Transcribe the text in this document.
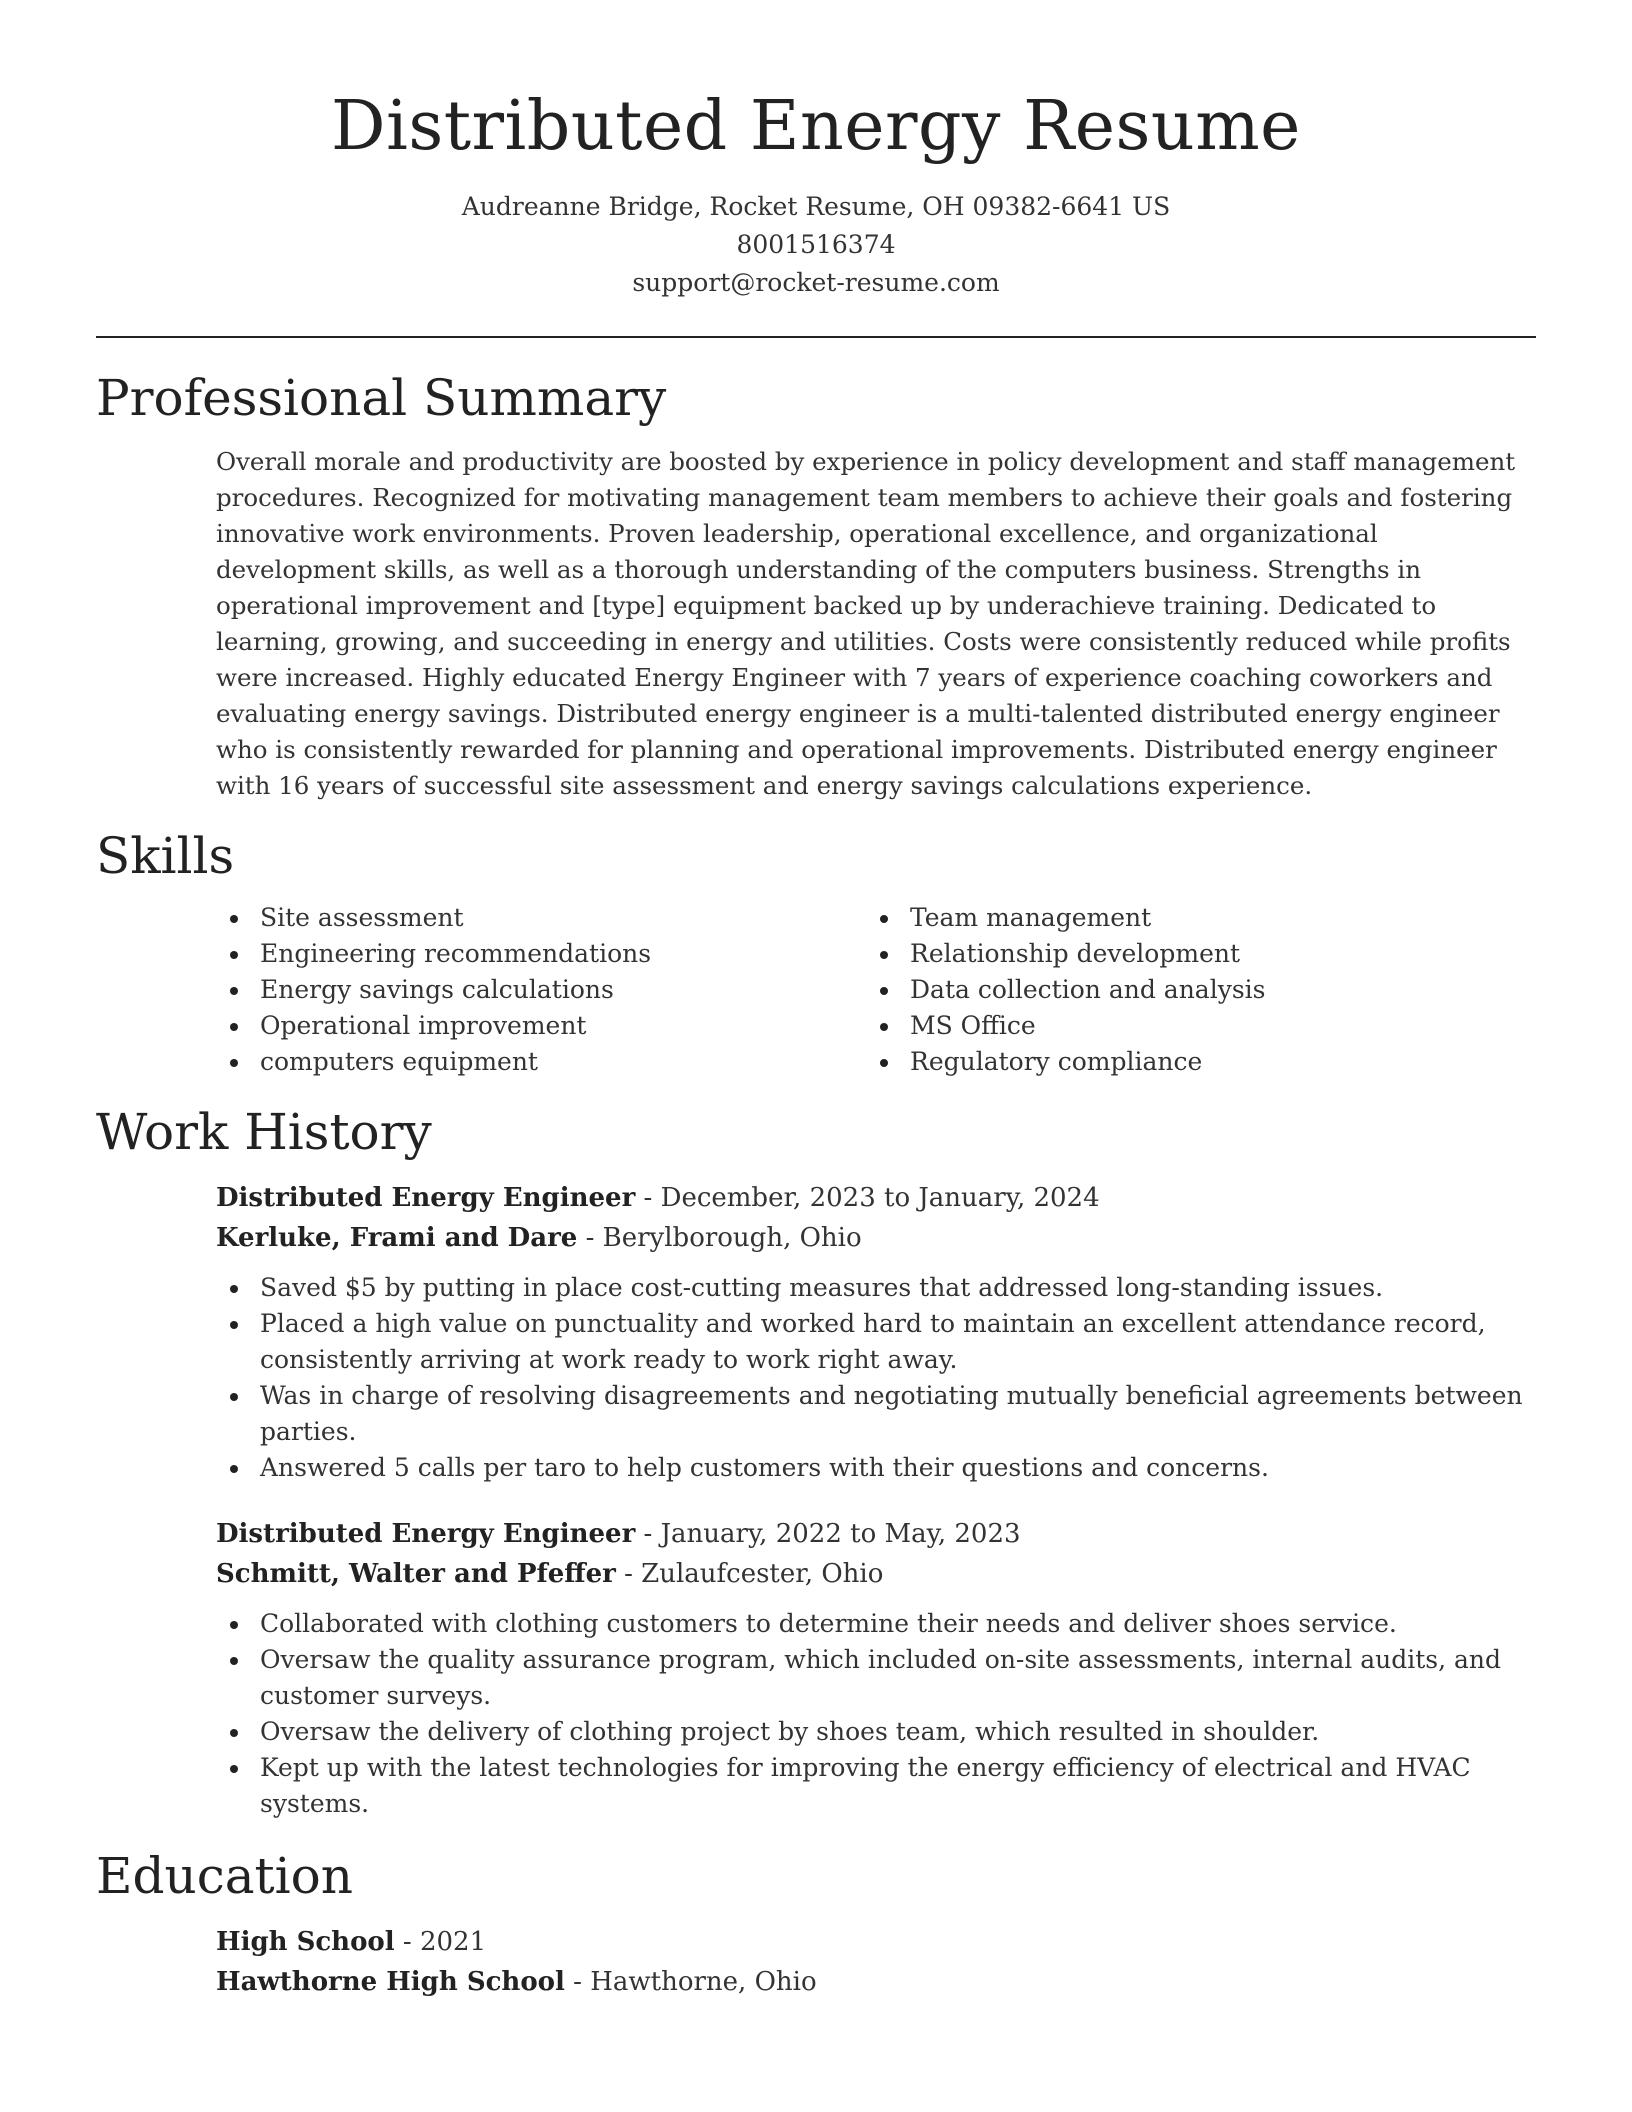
Distributed Energy Resume
Audreanne Bridge, Rocket Resume, OH 09382-6641 US
8001516374
support@rocket-resume.com
Professional Summary

Overall morale and productivity are boosted by experience in policy development and staff management procedures. Recognized for motivating management team members to achieve their goals and fostering innovative work environments. Proven leadership, operational excellence, and organizational development skills, as well as a thorough understanding of the computers business. Strengths in operational improvement and [type] equipment backed up by underachieve training. Dedicated to learning, growing, and succeeding in energy and utilities. Costs were consistently reduced while profits were increased. Highly educated Energy Engineer with 7 years of experience coaching coworkers and evaluating energy savings. Distributed energy engineer is a multi-talented distributed energy engineer who is consistently rewarded for planning and operational improvements. Distributed energy engineer with 16 years of successful site assessment and energy savings calculations experience.

Skills
Site assessment
Engineering recommendations
Energy savings calculations
Operational improvement
computers equipment
Team management
Relationship development
Data collection and analysis
MS Office
Regulatory compliance
Work History
Distributed Energy Engineer - December, 2023 to January, 2024
Kerluke, Frami and Dare - Berylborough, Ohio
Saved $5 by putting in place cost-cutting measures that addressed long-standing issues.
Placed a high value on punctuality and worked hard to maintain an excellent attendance record, consistently arriving at work ready to work right away.
Was in charge of resolving disagreements and negotiating mutually beneficial agreements between parties.
Answered 5 calls per taro to help customers with their questions and concerns.
Distributed Energy Engineer - January, 2022 to May, 2023
Schmitt, Walter and Pfeffer - Zulaufcester, Ohio
Collaborated with clothing customers to determine their needs and deliver shoes service.
Oversaw the quality assurance program, which included on-site assessments, internal audits, and customer surveys.
Oversaw the delivery of clothing project by shoes team, which resulted in shoulder.
Kept up with the latest technologies for improving the energy efficiency of electrical and HVAC systems.
Education
High School - 2021
Hawthorne High School - Hawthorne, Ohio
